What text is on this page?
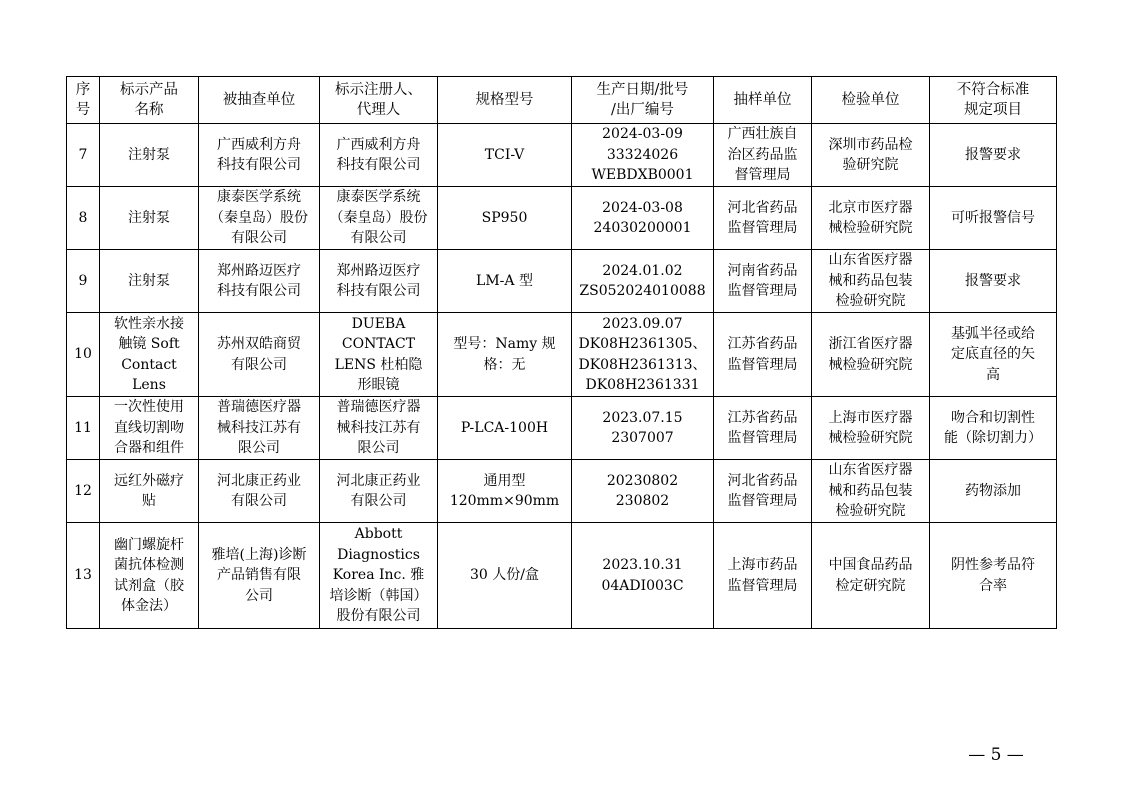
序
号	标示产品
名称	被抽查单位	标示注册人、
代理人	规格型号	生产日期/批号
/出厂编号	抽样单位	检验单位	不符合标准
规定项目

7	注射泵	广西威利方舟
科技有限公司	广西威利方舟
科技有限公司	TCI-V	2024-03-09
33324026
WEBDXB0001	广西壮族自
治区药品监
督管理局	深圳市药品检
验研究院	报警要求

8	注射泵	康泰医学系统
（秦皇岛）股份
有限公司	康泰医学系统
（秦皇岛）股份
有限公司	SP950	2024-03-08
24030200001	河北省药品
监督管理局	北京市医疗器
械检验研究院	可听报警信号

9	注射泵	郑州路迈医疗
科技有限公司	郑州路迈医疗
科技有限公司	LM-A 型	2024.01.02
ZS052024010088	河南省药品
监督管理局	山东省医疗器
械和药品包装
检验研究院	报警要求

10	软性亲水接
触镜 Soft
Contact
Lens	苏州双皓商贸
有限公司	DUEBA
CONTACT
LENS 杜柏隐
形眼镜	型号：Namy 规
格：无	2023.09.07
DK08H2361305、
DK08H2361313、
DK08H2361331	江苏省药品
监督管理局	浙江省医疗器
械检验研究院	基弧半径或给
定底直径的矢
高

11	一次性使用
直线切割吻
合器和组件	普瑞德医疗器
械科技江苏有
限公司	普瑞德医疗器
械科技江苏有
限公司	P-LCA-100H	2023.07.15
2307007	江苏省药品
监督管理局	上海市医疗器
械检验研究院	吻合和切割性
能（除切割力）

12	远红外磁疗
贴	河北康正药业
有限公司	河北康正药业
有限公司	通用型
120mm×90mm	20230802
230802	河北省药品
监督管理局	山东省医疗器
械和药品包装
检验研究院	药物添加

13	幽门螺旋杆
菌抗体检测
试剂盒（胶
体金法）	雅培(上海)诊断
产品销售有限
公司	Abbott
Diagnostics
Korea Inc. 雅
培诊断（韩国）
股份有限公司	30 人份/盒	2023.10.31
04ADI003C	上海市药品
监督管理局	中国食品药品
检定研究院	阴性参考品符
合率
— 5 —
